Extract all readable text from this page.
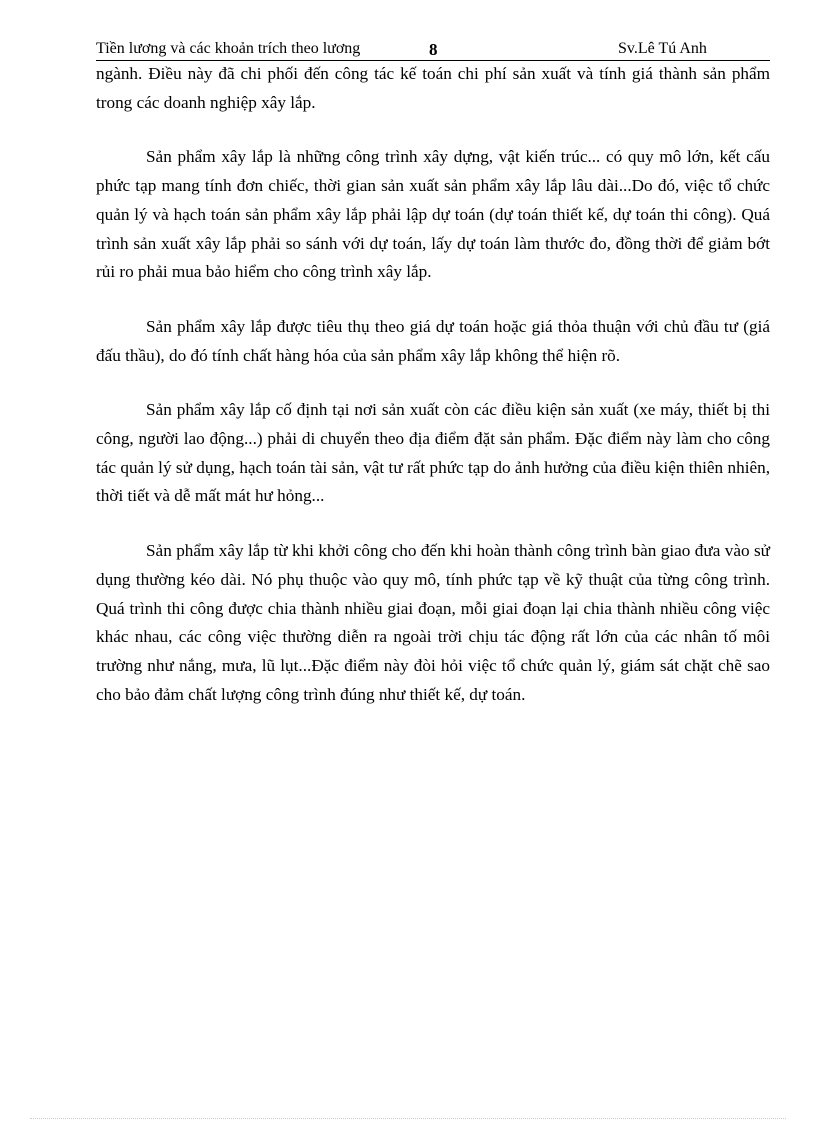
Tiền lương và các khoản trích theo lương	8	Sv.Lê Tú Anh

ngành. Điều này đã chi phối đến công tác kế toán chi phí sản xuất và tính giá thành sản phẩm trong các doanh nghiệp xây lắp.

Sản phẩm xây lắp là những công trình xây dựng, vật kiến trúc... có quy mô lớn, kết cấu phức tạp mang tính đơn chiếc, thời gian sản xuất sản phẩm xây lắp lâu dài...Do đó, việc tổ chức quản lý và hạch toán sản phẩm xây lắp phải lập dự toán (dự toán thiết kế, dự toán thi công). Quá trình sản xuất xây lắp phải so sánh với dự toán, lấy dự toán làm thước đo, đồng thời để giảm bớt rủi ro phải mua bảo hiểm cho công trình xây lắp.

Sản phẩm xây lắp được tiêu thụ theo giá dự toán hoặc giá thỏa thuận với chủ đầu tư (giá đấu thầu), do đó tính chất hàng hóa của sản phẩm xây lắp không thể hiện rõ.

Sản phẩm xây lắp cố định tại nơi sản xuất còn các điều kiện sản xuất (xe máy, thiết bị thi công, người lao động...) phải di chuyển theo địa điểm đặt sản phẩm. Đặc điểm này làm cho công tác quản lý sử dụng, hạch toán tài sản, vật tư rất phức tạp do ảnh hưởng của điều kiện thiên nhiên, thời tiết và dễ mất mát hư hỏng...

Sản phẩm xây lắp từ khi khởi công cho đến khi hoàn thành công trình bàn giao đưa vào sử dụng thường kéo dài. Nó phụ thuộc vào quy mô, tính phức tạp về kỹ thuật của từng công trình. Quá trình thi công được chia thành nhiều giai đoạn, mỗi giai đoạn lại chia thành nhiều công việc khác nhau, các công việc thường diễn ra ngoài trời chịu tác động rất lớn của các nhân tố môi trường như nắng, mưa, lũ lụt...Đặc điểm này đòi hỏi việc tổ chức quản lý, giám sát chặt chẽ sao cho bảo đảm chất lượng công trình đúng như thiết kế, dự toán.
